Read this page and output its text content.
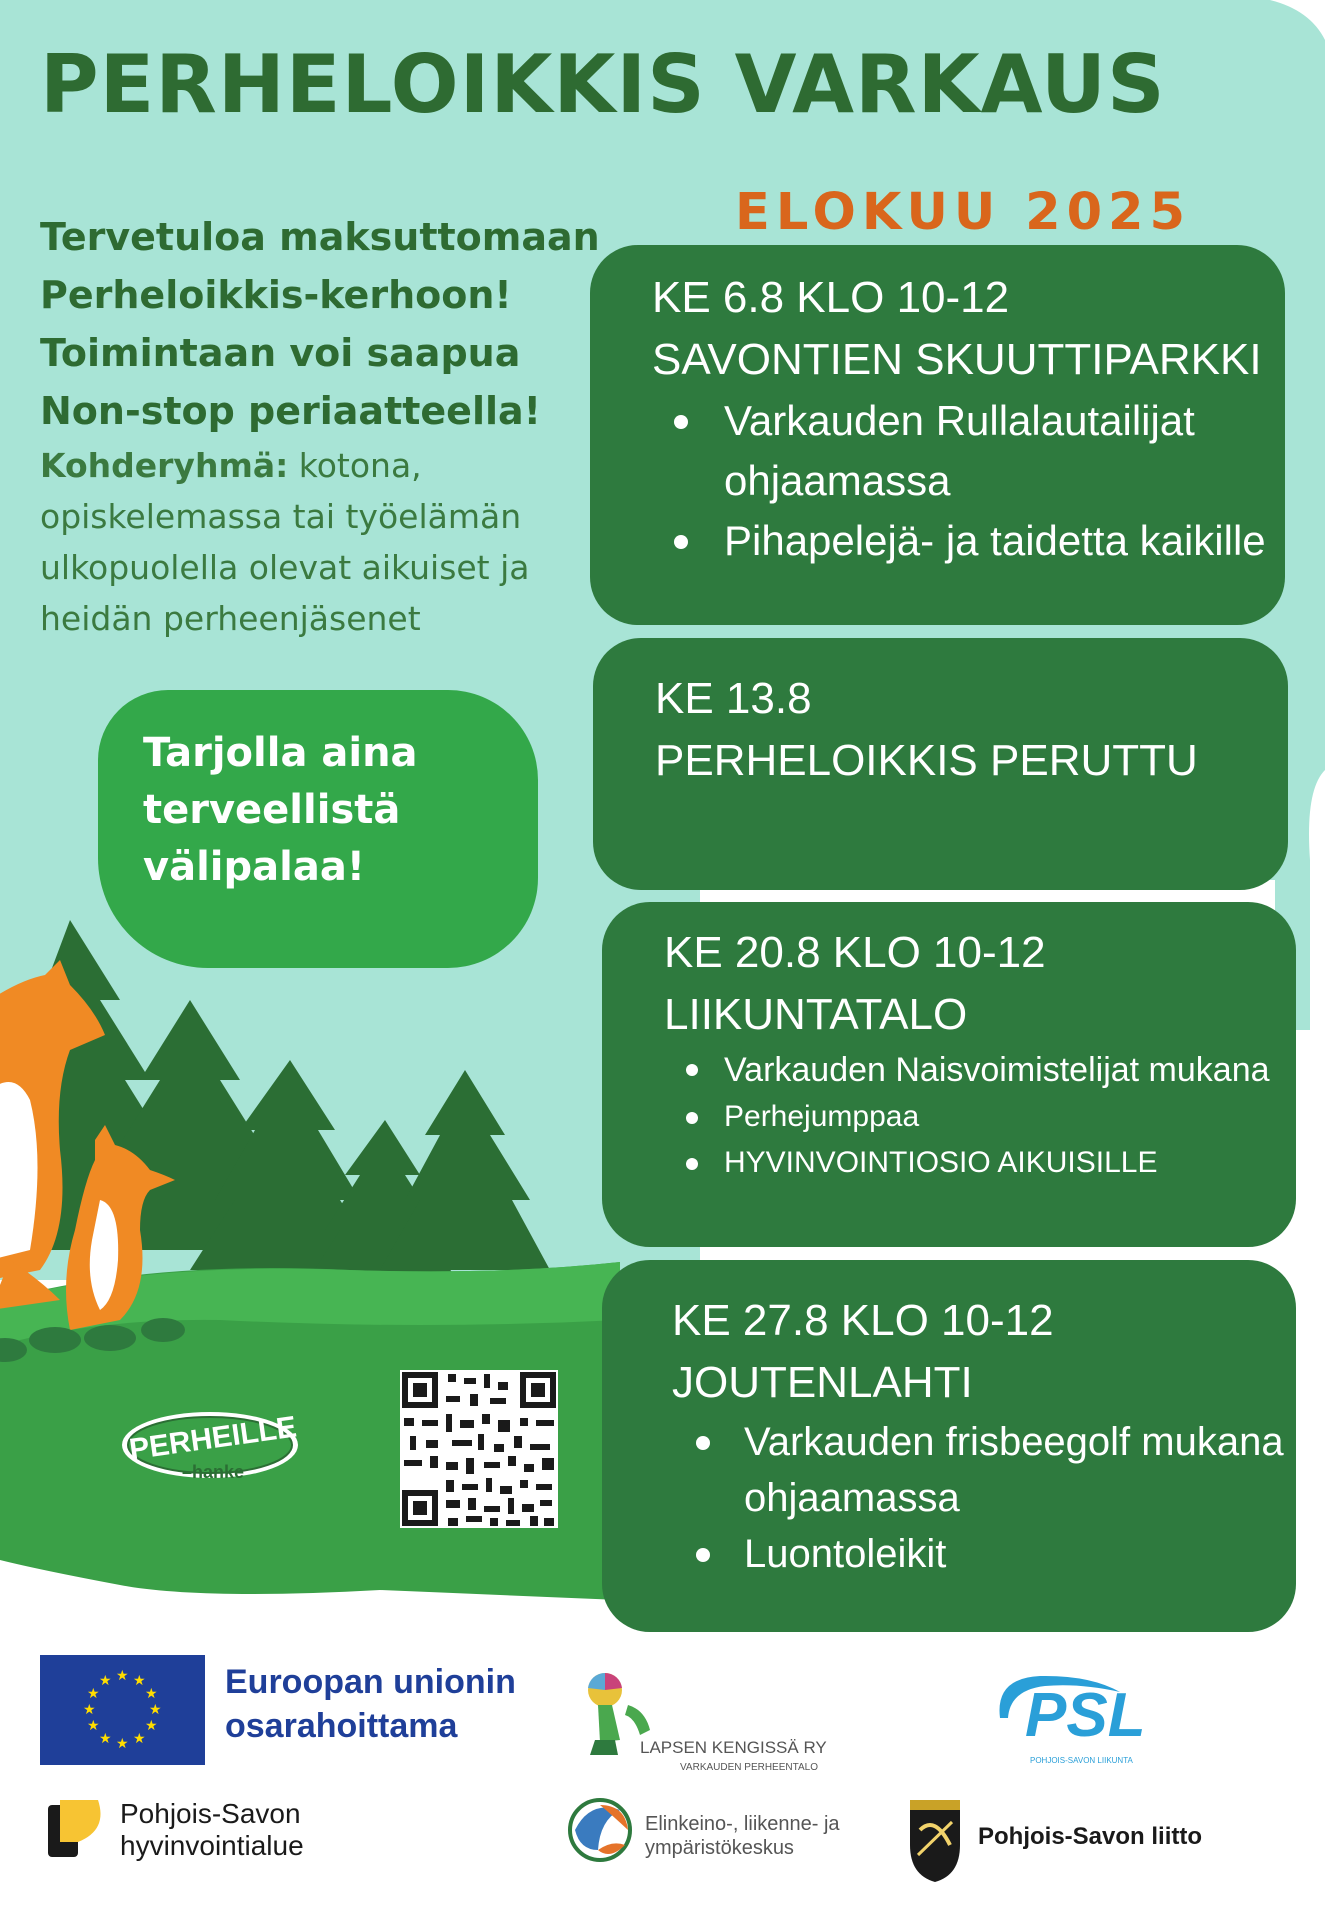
PERHELOIKKIS VARKAUS
ELOKUU 2025
Tervetuloa maksuttomaan
Perheloikkis-kerhoon!
Toimintaan voi saapua
Non-stop periaatteella!
Kohderyhmä: kotona, opiskelemassa tai työelämän ulkopuolella olevat aikuiset ja heidän perheenjäsenet
Tarjolla aina
terveellistä
välipalaa!
KE 6.8 KLO 10-12
SAVONTIEN SKUUTTIPARKKI
Varkauden Rullalautailijat ohjaamassa
Pihapelejä- ja taidetta kaikille
KE 13.8
PERHELOIKKIS PERUTTU
KE 20.8 KLO 10-12
LIIKUNTATALO
Varkauden Naisvoimistelijat mukana
Perhejumppaa
HYVINVOINTIOSIO AIKUISILLE
KE 27.8 KLO 10-12
JOUTENLAHTI
Varkauden frisbeegolf mukana ohjaamassa
Luontoleikit
PERHEILLE
–hanke
★ ★
★
★
★
★
★
★
★
★
★
★	Euroopan unionin
osarahoittama
LAPSEN KENGISSÄ RY
VARKAUDEN PERHEENTALO
PSL
POHJOIS-SAVON LIIKUNTA
Pohjois-Savon
hyvinvointialue
Elinkeino-, liikenne- ja
ympäristökeskus	Pohjois-Savon liitto
